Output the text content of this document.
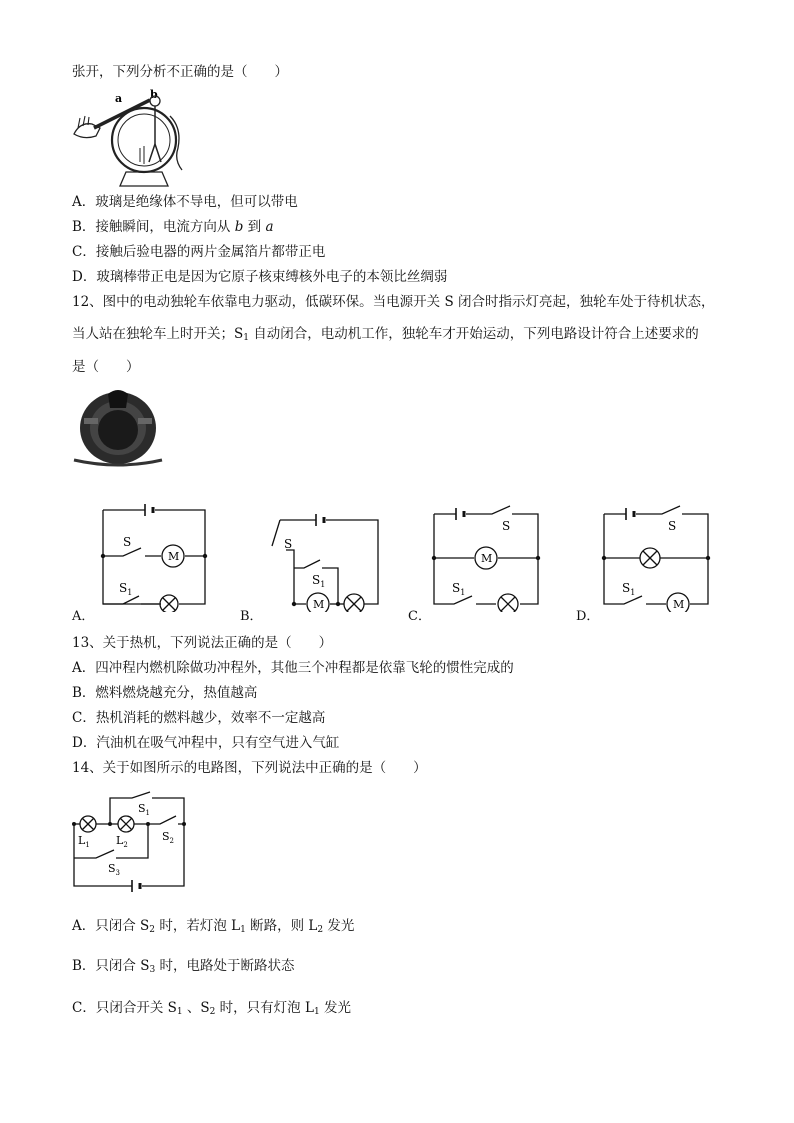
张开，下列分析不正确的是（　　）
a	b
A．玻璃是绝缘体不导电，但可以带电
B．接触瞬间，电流方向从 b 到 a
C．接触后验电器的两片金属箔片都带正电
D．玻璃棒带正电是因为它原子核束缚核外电子的本领比丝绸弱
12、图中的电动独轮车依靠电力驱动，低碳环保。当电源开关 S 闭合时指示灯亮起，独轮车处于待机状态，
当人站在独轮车上时开关；$S_1$ 自动闭合，电动机工作，独轮车才开始运动，下列电路设计符合上述要求的
是（　　）
S
M
$S_1$
S
$S_1$
M
S
M
$S_1$
S
$S_1$
M
A．	B．	C．	D．
13、关于热机，下列说法正确的是（　　）
A．四冲程内燃机除做功冲程外，其他三个冲程都是依靠飞轮的惯性完成的
B．燃料燃烧越充分，热值越高
C．热机消耗的燃料越少，效率不一定越高
D．汽油机在吸气冲程中，只有空气进入气缸
14、关于如图所示的电路图，下列说法中正确的是（　　）
$S_1$
$L_1$ $L_2$
$S_2$
$S_3$
A．只闭合 $S_2$ 时，若灯泡 $L_1$ 断路，则 $L_2$ 发光
B．只闭合 $S_3$ 时，电路处于断路状态
C．只闭合开关 $S_1$ 、$S_2$ 时，只有灯泡 $L_1$ 发光
